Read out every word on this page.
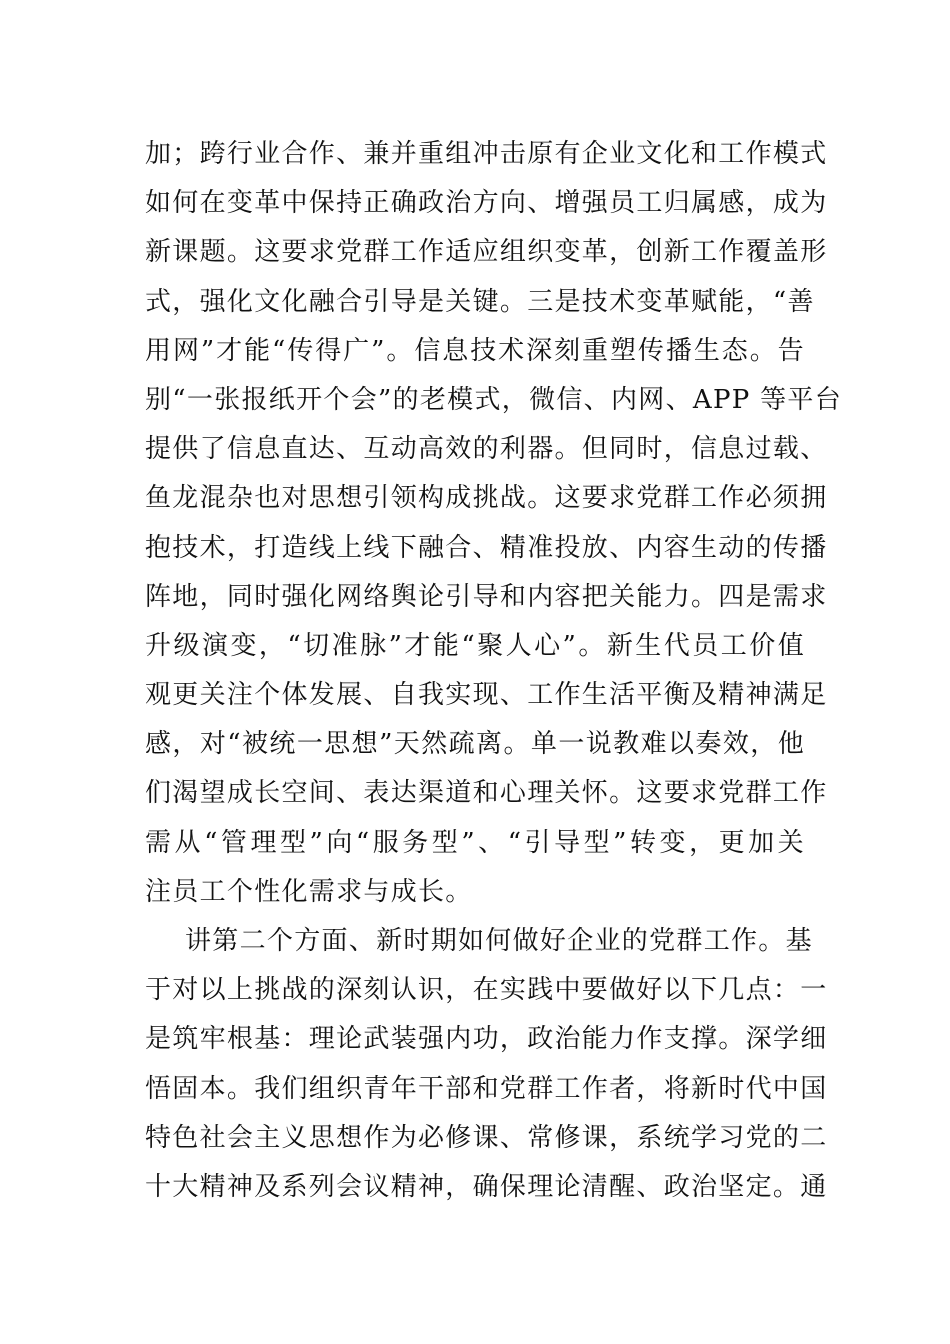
加；跨行业合作、兼并重组冲击原有企业文化和工作模式
如何在变革中保持正确政治方向、增强员工归属感，成为
新课题。这要求党群工作适应组织变革，创新工作覆盖形
式，强化文化融合引导是关键。三是技术变革赋能，“善
用网”才能“传得广”。信息技术深刻重塑传播生态。告
别“一张报纸开个会”的老模式，微信、内网、APP 等平台
提供了信息直达、互动高效的利器。但同时，信息过载、
鱼龙混杂也对思想引领构成挑战。这要求党群工作必须拥
抱技术，打造线上线下融合、精准投放、内容生动的传播
阵地，同时强化网络舆论引导和内容把关能力。四是需求
升级演变，“切准脉”才能“聚人心”。新生代员工价值
观更关注个体发展、自我实现、工作生活平衡及精神满足
感，对“被统一思想”天然疏离。单一说教难以奏效，他
们渴望成长空间、表达渠道和心理关怀。这要求党群工作
需从“管理型”向“服务型”、“引导型”转变，更加关
注员工个性化需求与成长。
讲第二个方面、新时期如何做好企业的党群工作。基
于对以上挑战的深刻认识，在实践中要做好以下几点：一
是筑牢根基：理论武装强内功，政治能力作支撑。深学细
悟固本。我们组织青年干部和党群工作者，将新时代中国
特色社会主义思想作为必修课、常修课，系统学习党的二
十大精神及系列会议精神，确保理论清醒、政治坚定。通
